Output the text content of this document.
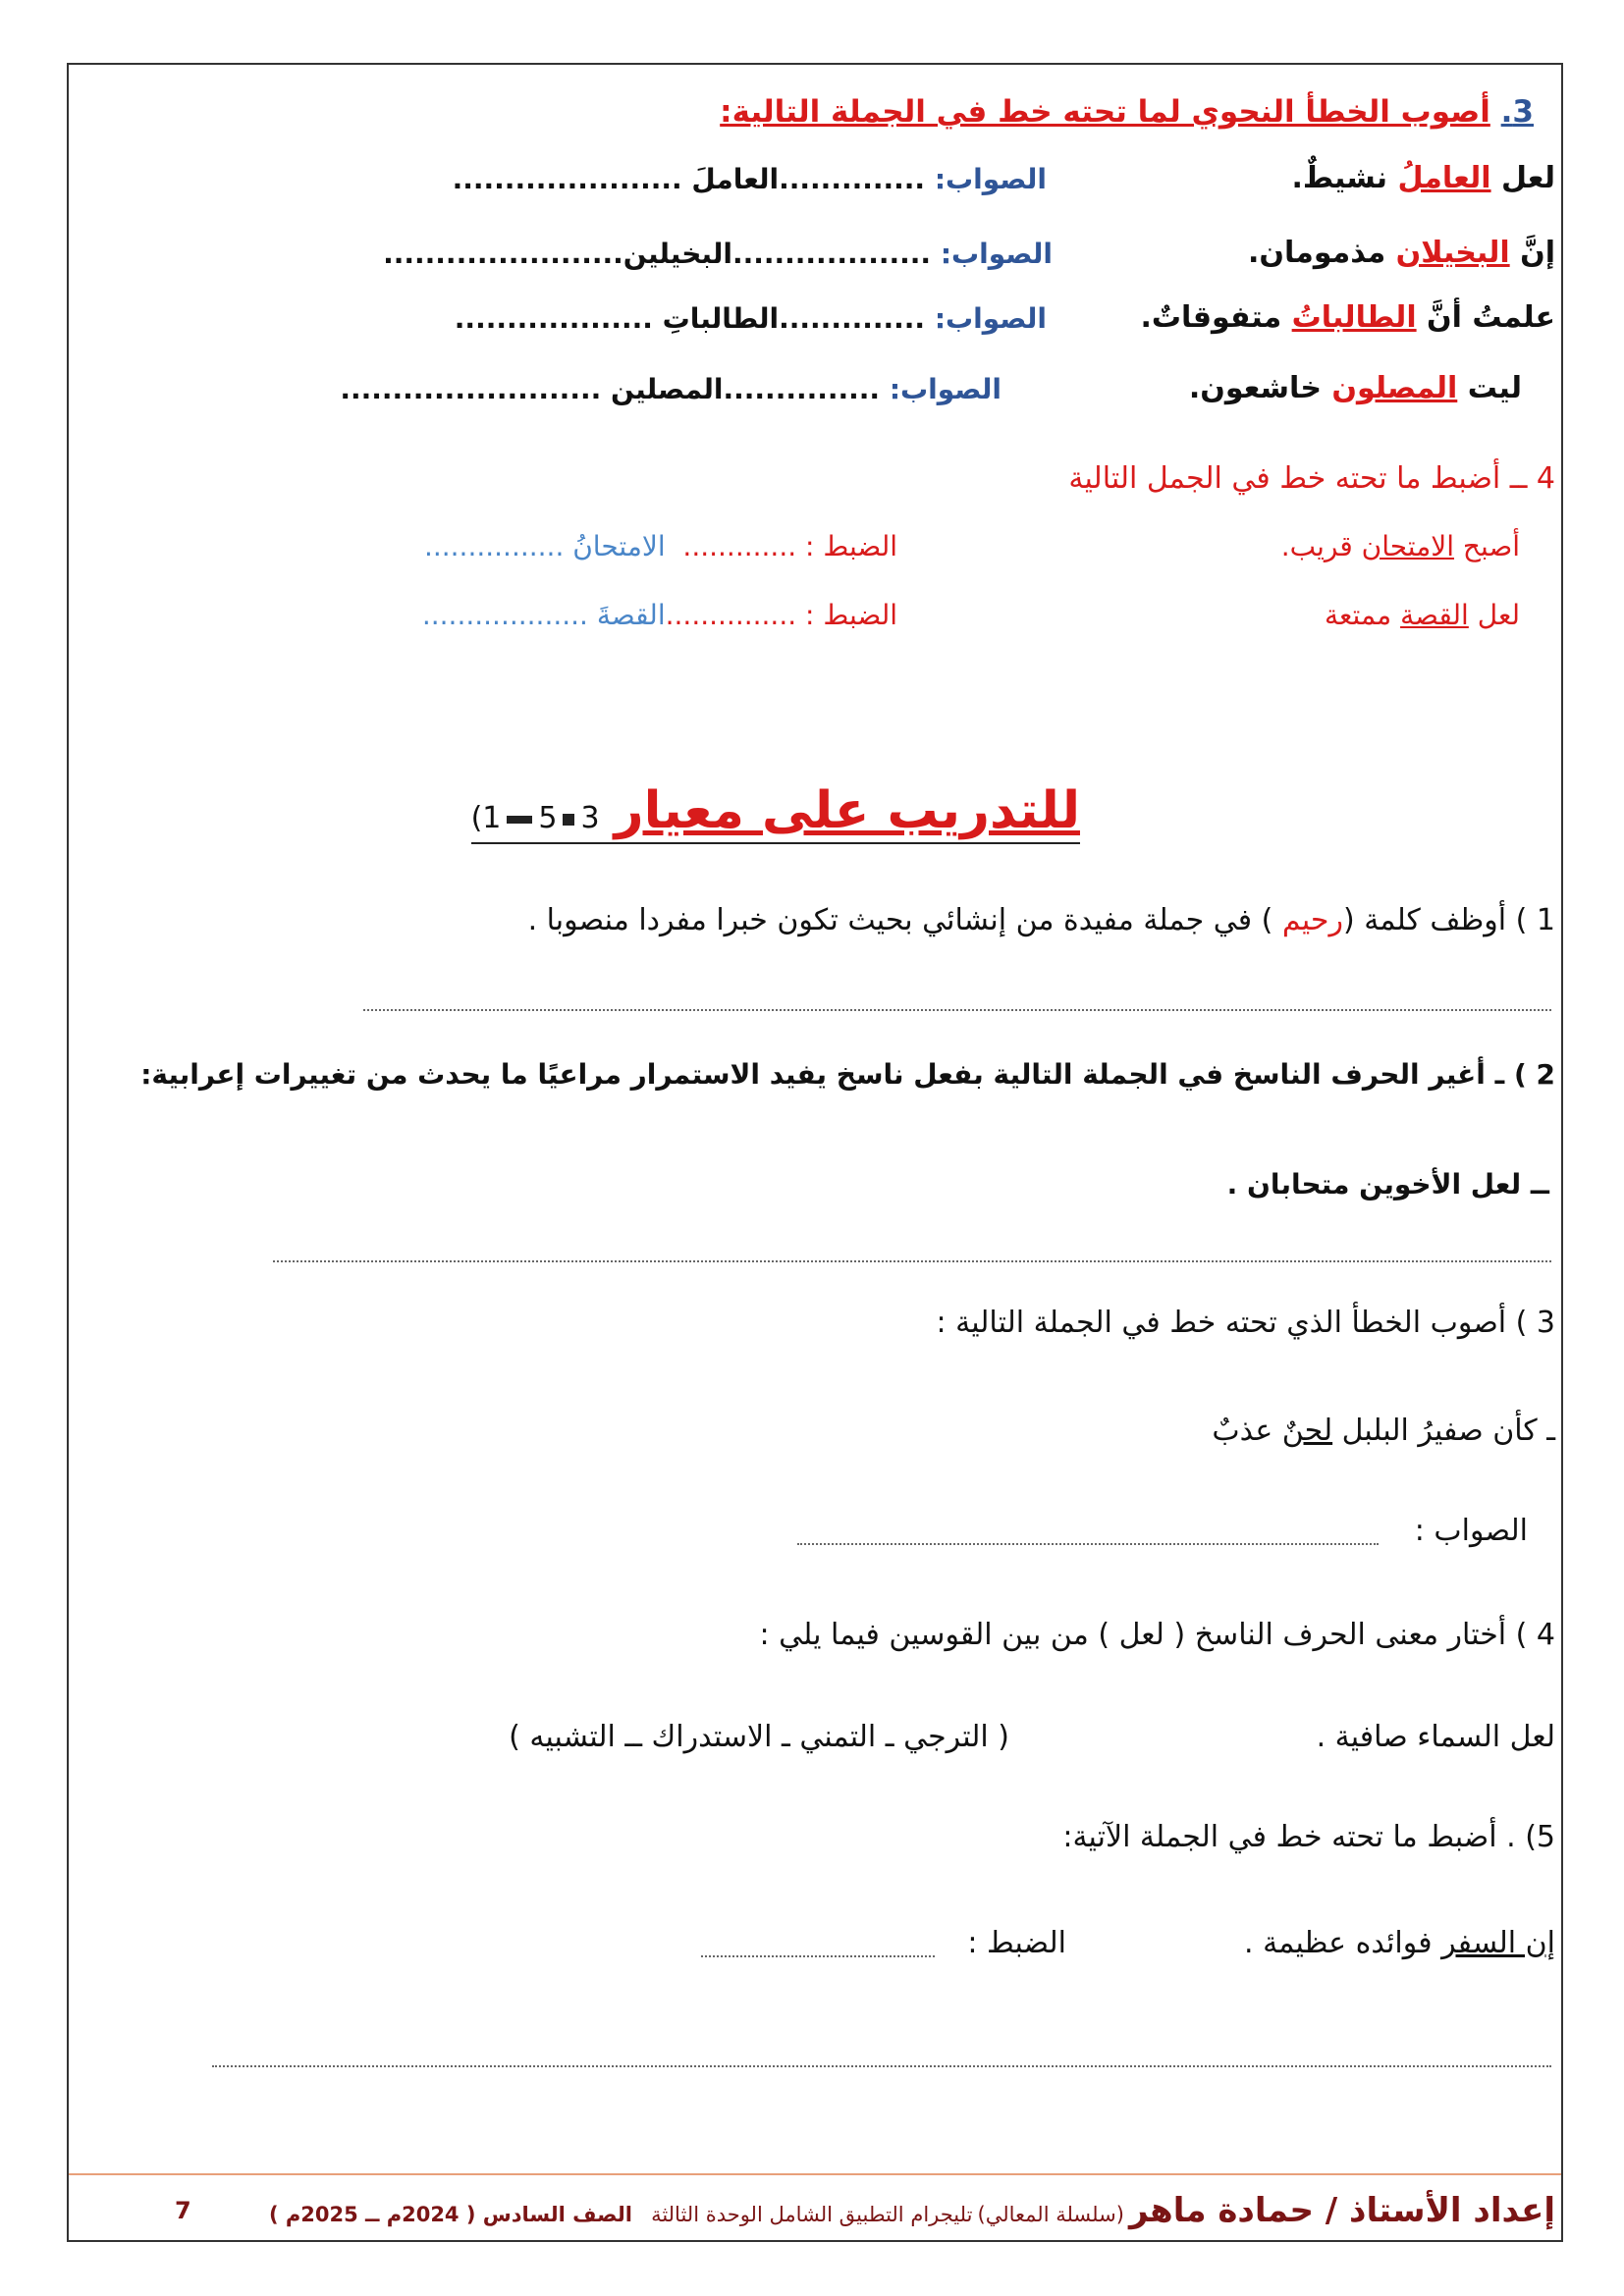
3. أصوب الخطأ النحوي لما تحته خط في الجملة التالية:
لعل العاملُ نشيطٌ.
الصواب: ..............العاملَ ......................
إنَّ البخيلان مذمومان.
الصواب: ...................البخيلين.......................
علمتُ أنَّ الطالباتُ متفوقاتٌ.
الصواب: ..............الطالباتِ ...................
ليت المصلون خاشعون.
الصواب: ...............المصلين .........................
4 ــ أضبط ما تحته خط في الجمل التالية
أصبح الامتحان قريب.
الضبط : .............  الامتحانُ ................
لعل القصة ممتعة
الضبط : ...............القصةَ ...................
للتدريب على معيار 351)
1 ) أوظف كلمة (رحيم ) في جملة مفيدة من إنشائي بحيث تكون خبرا مفردا منصوبا .
2 ) ـ أغير الحرف الناسخ في الجملة التالية بفعل ناسخ يفيد الاستمرار مراعيًا ما يحدث من تغييرات إعرابية:
ــ لعل الأخوين متحابان .
3 ) أصوب الخطأ الذي تحته خط في الجملة التالية :
ـ كأن صفيرُ البلبل لحنٌ عذبٌ
الصواب :
4 ) أختار معنى الحرف الناسخ ( لعل ) من بين القوسين فيما يلي :
لعل السماء صافية .
( الترجي ـ التمني ـ الاستدراك ــ التشبيه )
5) . أضبط ما تحته خط في الجملة الآتية:
إن السفر فوائده عظيمة .
الضبط :
إعداد الأستاذ / حمادة ماهر (سلسلة المعالي) تليجرام التطبيق الشامل الوحدة الثالثة الصف السادس ( 2024م ــ 2025م )
7
